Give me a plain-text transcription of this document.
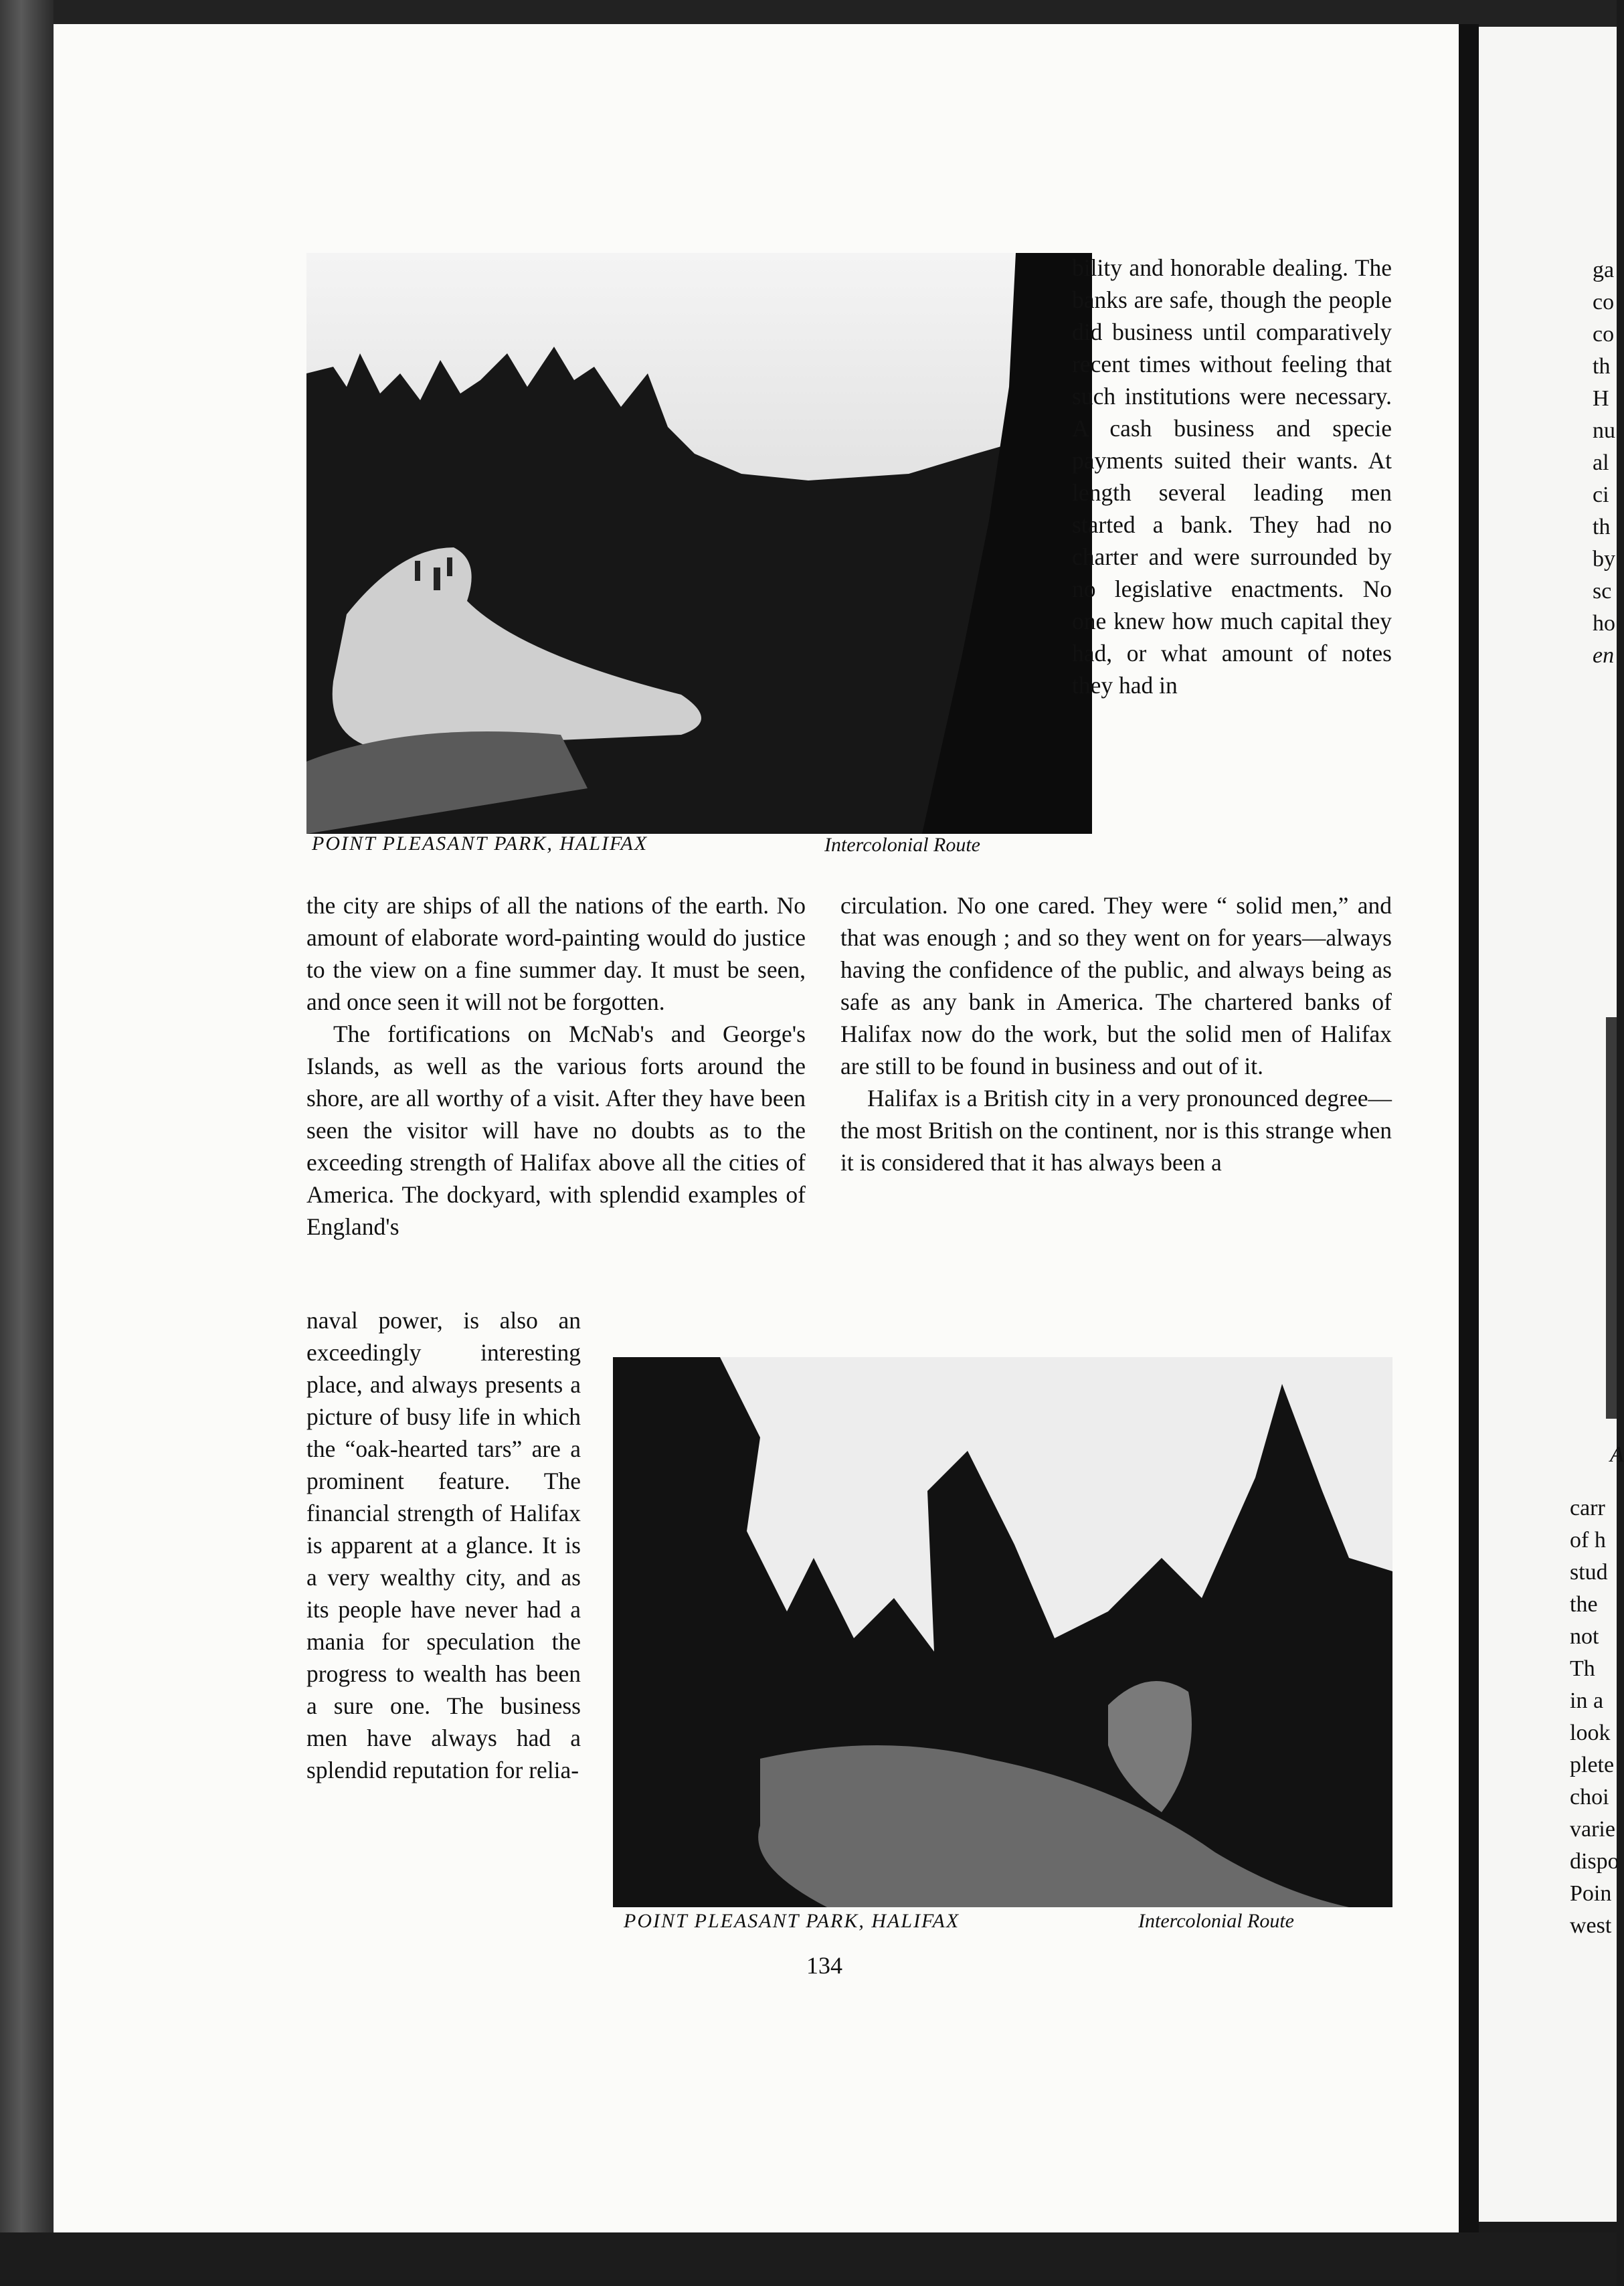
POINT PLEASANT PARK, HALIFAX	Intercolonial Route

bility and honorable dealing. The banks are safe, though the people did business until comparatively recent times without feeling that such institutions were necessary. A cash business and specie payments suited their wants. At length several leading men started a bank. They had no charter and were surrounded by no legislative enactments. No one knew how much capital they had, or what amount of notes they had in

the city are ships of all the nations of the earth. No amount of elaborate word-painting would do justice to the view on a fine summer day. It must be seen, and once seen it will not be forgotten.

The fortifications on McNab's and George's Islands, as well as the various forts around the shore, are all worthy of a visit. After they have been seen the visitor will have no doubts as to the exceeding strength of Halifax above all the cities of America. The dockyard, with splendid examples of England's

circulation. No one cared. They were “ solid men,” and that was enough ; and so they went on for years—always having the confidence of the public, and always being as safe as any bank in America. The chartered banks of Halifax now do the work, but the solid men of Halifax are still to be found in business and out of it.

Halifax is a British city in a very pronounced degree—the most British on the continent, nor is this strange when it is considered that it has always been a

naval power, is also an exceedingly interesting place, and always presents a picture of busy life in which the “oak-hearted tars” are a prominent feature. The financial strength of Halifax is apparent at a glance. It is a very wealthy city, and as its people have never had a mania for speculation the progress to wealth has been a sure one. The business men have always had a splendid reputation for relia-

POINT PLEASANT PARK, HALIFAX	Intercolonial Route
134
ga
co
co
th
H
nu
al
ci
th
by
sc
ho
en
A
carr
of h
stud
the
not
Th
in a
look
plete
choi
varie
dispo
Poin
west
